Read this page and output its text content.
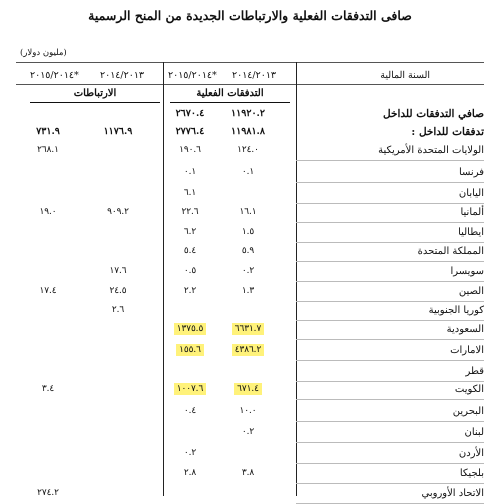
صافى التدفقات الفعلية والارتباطات الجديدة من المنح الرسمية
(مليون دولار)
السنة المالية
٢٠١٤/٢٠١٣
*٢٠١٥/٢٠١٤
٢٠١٤/٢٠١٣
*٢٠١٥/٢٠١٤
التدفقات الفعلية
الارتباطات
صافي التدفقات للداخل
١١٩٢٠.٢
٢٦٧٠.٤
تدفقات للداخل :
١١٩٨١.٨
٢٧٧٦.٤
١١٧٦.٩
٧٣١.٩
الولايات المتحدة الأمريكية
١٢٤.٠
١٩٠.٦
٢٦٨.١
فرنسا
٠.١
٠.١
اليابان
٦.١
ألمانيا
١٦.١
٢٢.٦
٩٠٩.٢
١٩.٠
ايطاليا
١.٥
٦.٢
المملكة المتحدة
٥.٩
٥.٤
سويسرا
٠.٢
٠.٥
١٧.٦
الصين
١.٣
٢.٢
٢٤.٥
١٧.٤
كوريا الجنوبية
٢.٦
السعودية
٦٦٣١.٧
١٣٧٥.٥
الامارات
٤٣٨٦.٢
١٥٥.٦
قطر
الكويت
٦٧١.٤
١٠٠٧.٦
٣.٤
البحرين
١٠.٠
٠.٤
لبنان
٠.٢
الأردن
٠.٢
بلجيكا
٣.٨
٢.٨
الاتحاد الأوروبي
٢٧٤.٢
